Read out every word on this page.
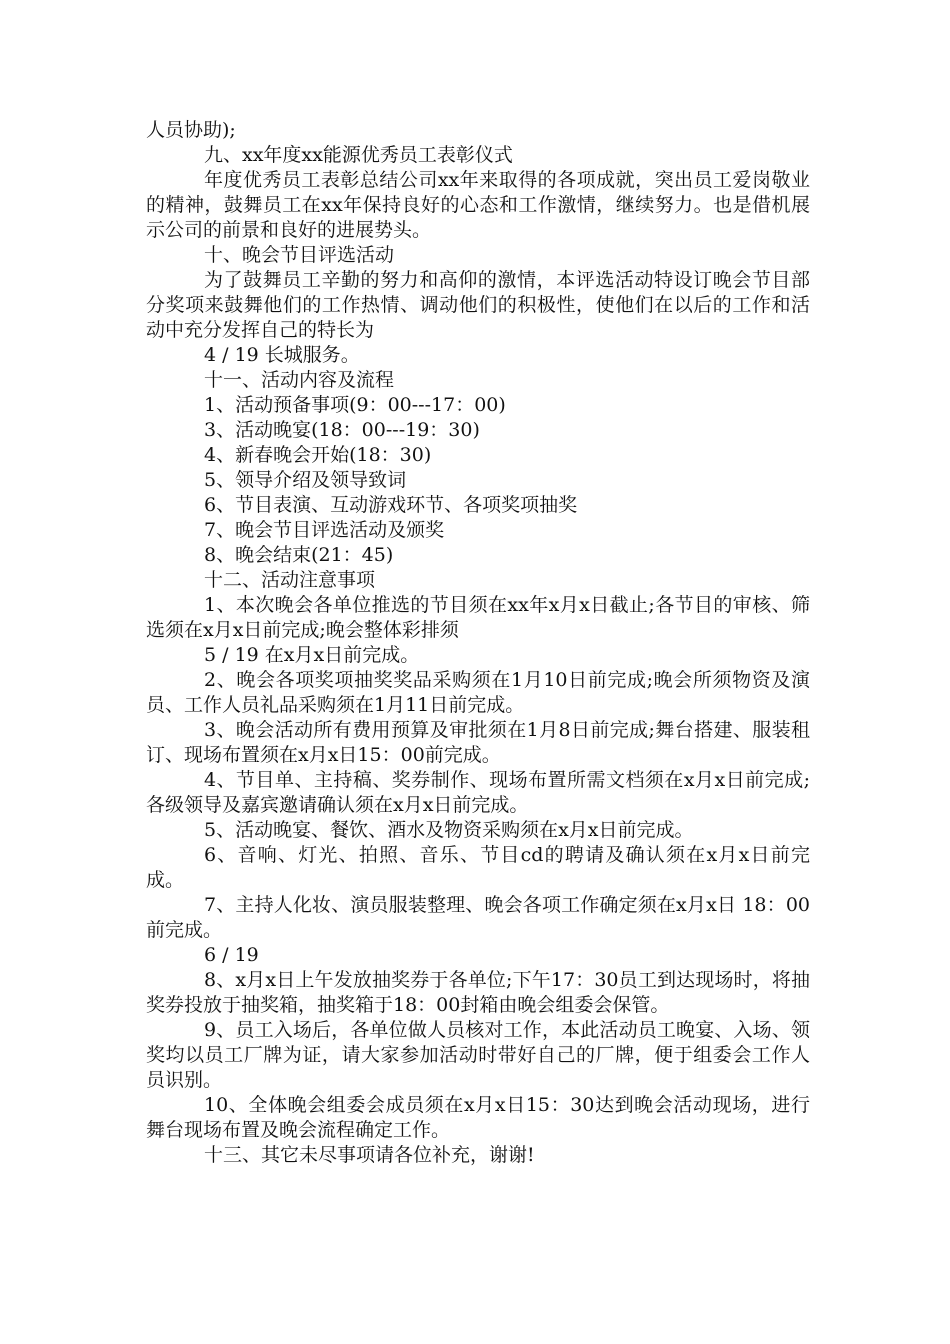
人员协助);

九、xx年度xx能源优秀员工表彰仪式

年度优秀员工表彰总结公司xx年来取得的各项成就，突出员工爱岗敬业的精神，鼓舞员工在xx年保持良好的心态和工作激情，继续努力。也是借机展示公司的前景和良好的进展势头。

十、晚会节目评选活动

为了鼓舞员工辛勤的努力和高仰的激情，本评选活动特设订晚会节目部分奖项来鼓舞他们的工作热情、调动他们的积极性，使他们在以后的工作和活动中充分发挥自己的特长为

4 / 19 长城服务。

十一、活动内容及流程

1、活动预备事项(9：00---17：00)

3、活动晚宴(18：00---19：30)

4、新春晚会开始(18：30)

5、领导介绍及领导致词

6、节目表演、互动游戏环节、各项奖项抽奖

7、晚会节目评选活动及颁奖

8、晚会结束(21：45)

十二、活动注意事项

1、本次晚会各单位推选的节目须在xx年x月x日截止;各节目的审核、筛选须在x月x日前完成;晚会整体彩排须

5 / 19 在x月x日前完成。

2、晚会各项奖项抽奖奖品采购须在1月10日前完成;晚会所须物资及演员、工作人员礼品采购须在1月11日前完成。

3、晚会活动所有费用预算及审批须在1月8日前完成;舞台搭建、服装租订、现场布置须在x月x日15：00前完成。

4、节目单、主持稿、奖券制作、现场布置所需文档须在x月x日前完成;各级领导及嘉宾邀请确认须在x月x日前完成。

5、活动晚宴、餐饮、酒水及物资采购须在x月x日前完成。

6、音响、灯光、拍照、音乐、节目cd的聘请及确认须在x月x日前完成。

7、主持人化妆、演员服装整理、晚会各项工作确定须在x月x日 18：00前完成。

6 / 19

8、x月x日上午发放抽奖券于各单位;下午17：30员工到达现场时，将抽奖券投放于抽奖箱，抽奖箱于18：00封箱由晚会组委会保管。

9、员工入场后，各单位做人员核对工作，本此活动员工晚宴、入场、领奖均以员工厂牌为证，请大家参加活动时带好自己的厂牌，便于组委会工作人员识别。

10、全体晚会组委会成员须在x月x日15：30达到晚会活动现场，进行舞台现场布置及晚会流程确定工作。

十三、其它未尽事项请各位补充，谢谢!
